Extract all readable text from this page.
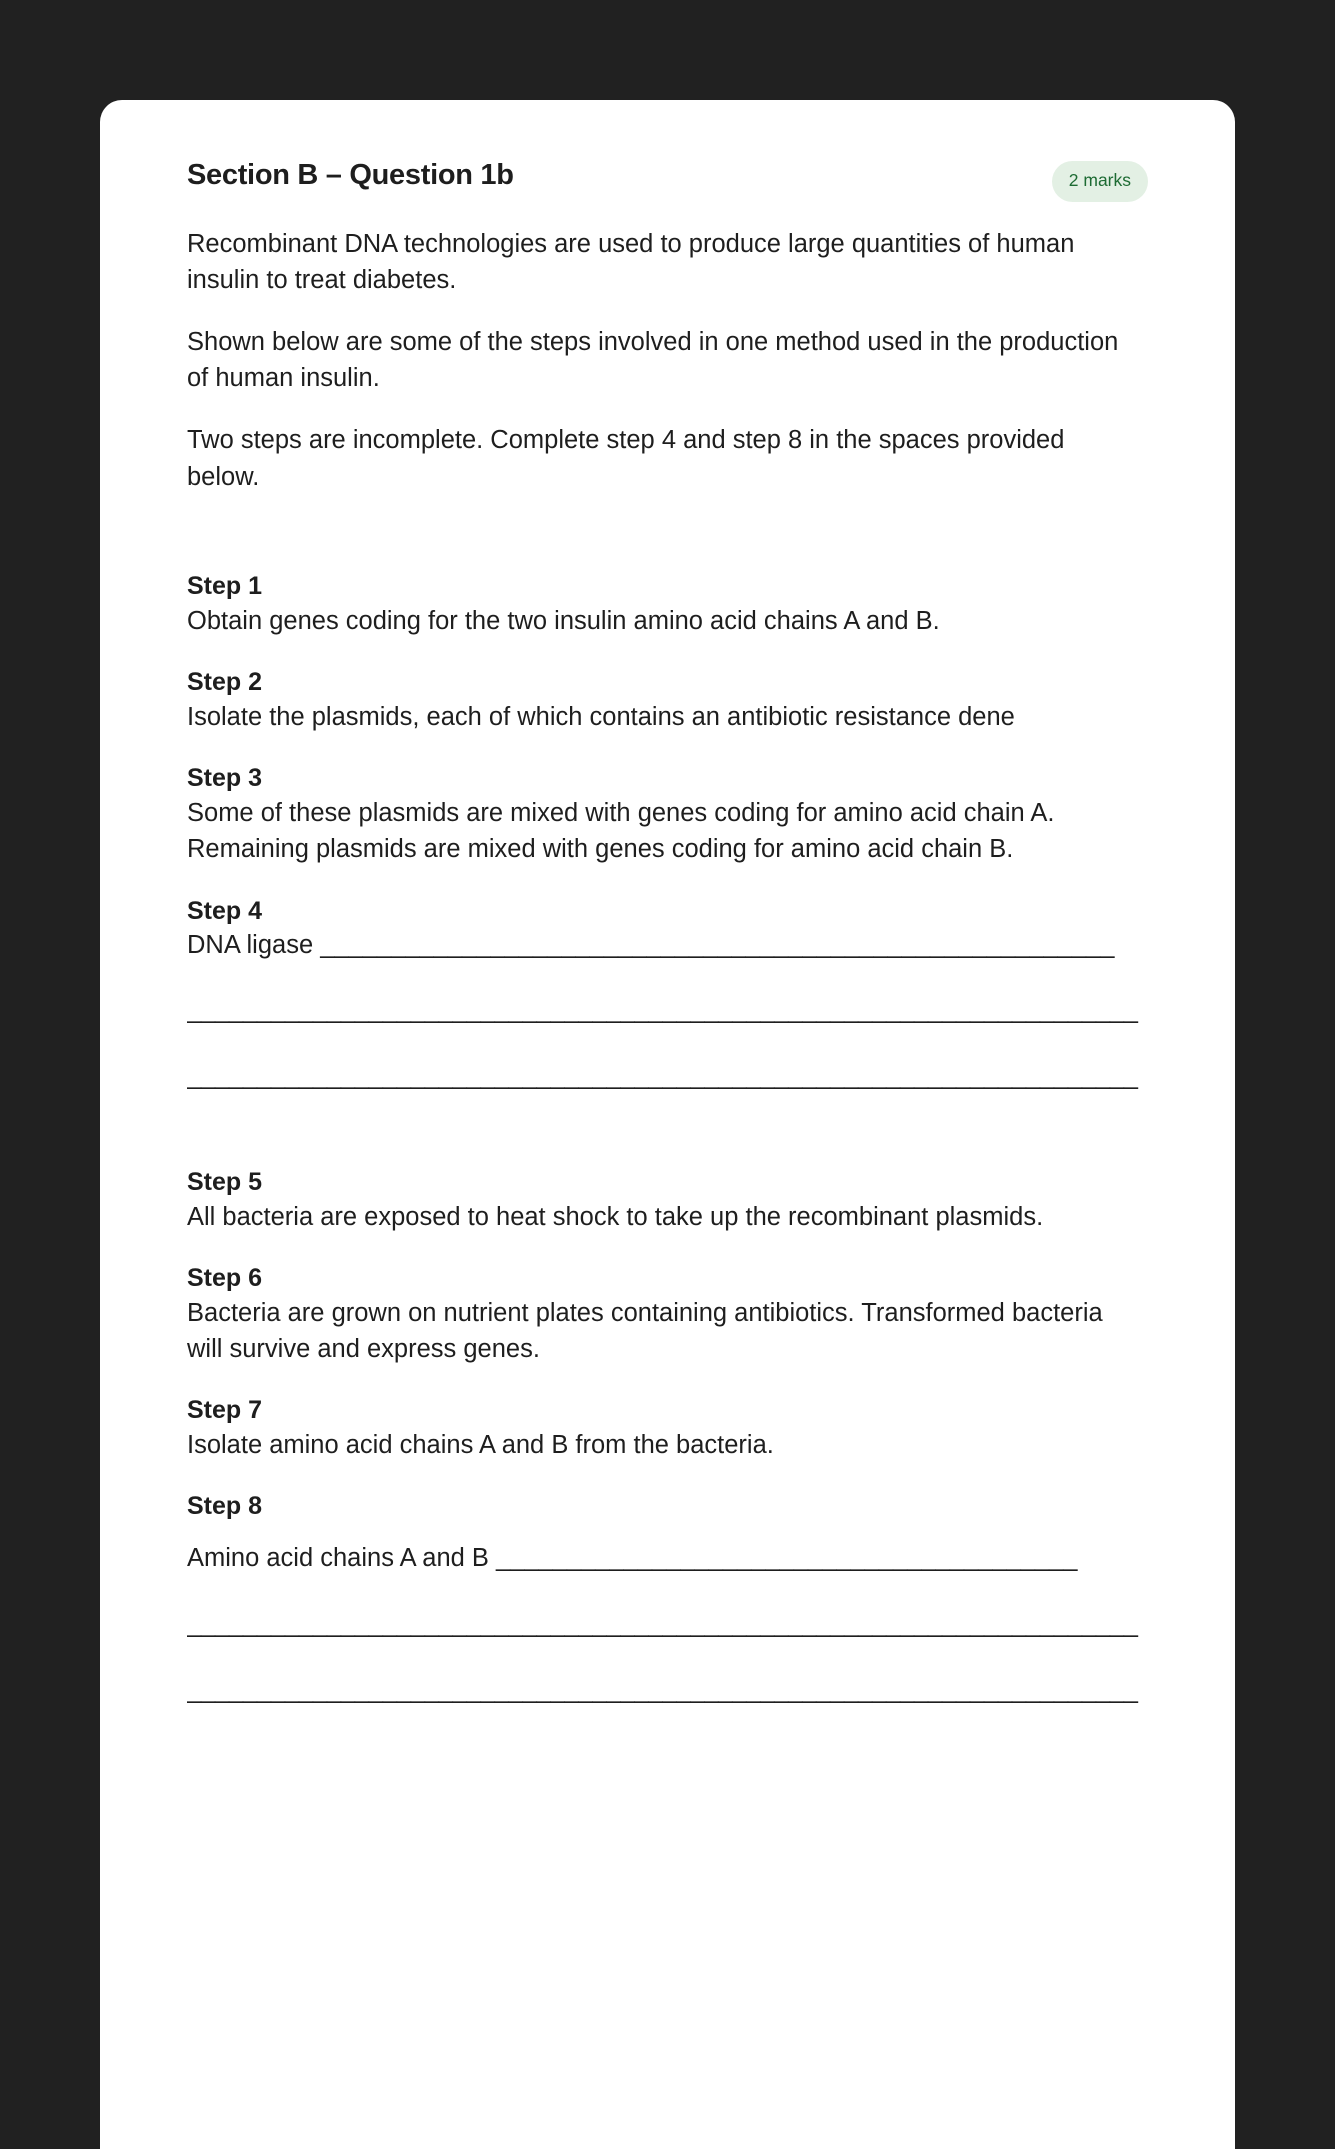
Section B – Question 1b	2 marks

Recombinant DNA technologies are used to produce large quantities of human insulin to treat diabetes.

Shown below are some of the steps involved in one method used in the production of human insulin.

Two steps are incomplete. Complete step 4 and step 8 in the spaces provided below.

Step 1

Obtain genes coding for the two insulin amino acid chains A and B.

Step 2

Isolate the plasmids, each of which contains an antibiotic resistance dene

Step 3

Some of these plasmids are mixed with genes coding for amino acid chain A. Remaining plasmids are mixed with genes coding for amino acid chain B.

Step 4

DNA ligase ________________________________________________________

____________________________________________________________________

____________________________________________________________________

Step 5

All bacteria are exposed to heat shock to take up the recombinant plasmids.

Step 6

Bacteria are grown on nutrient plates containing antibiotics. Transformed bacteria will survive and express genes.

Step 7

Isolate amino acid chains A and B from the bacteria.

Step 8

Amino acid chains A and B _________________________________________

____________________________________________________________________

____________________________________________________________________
